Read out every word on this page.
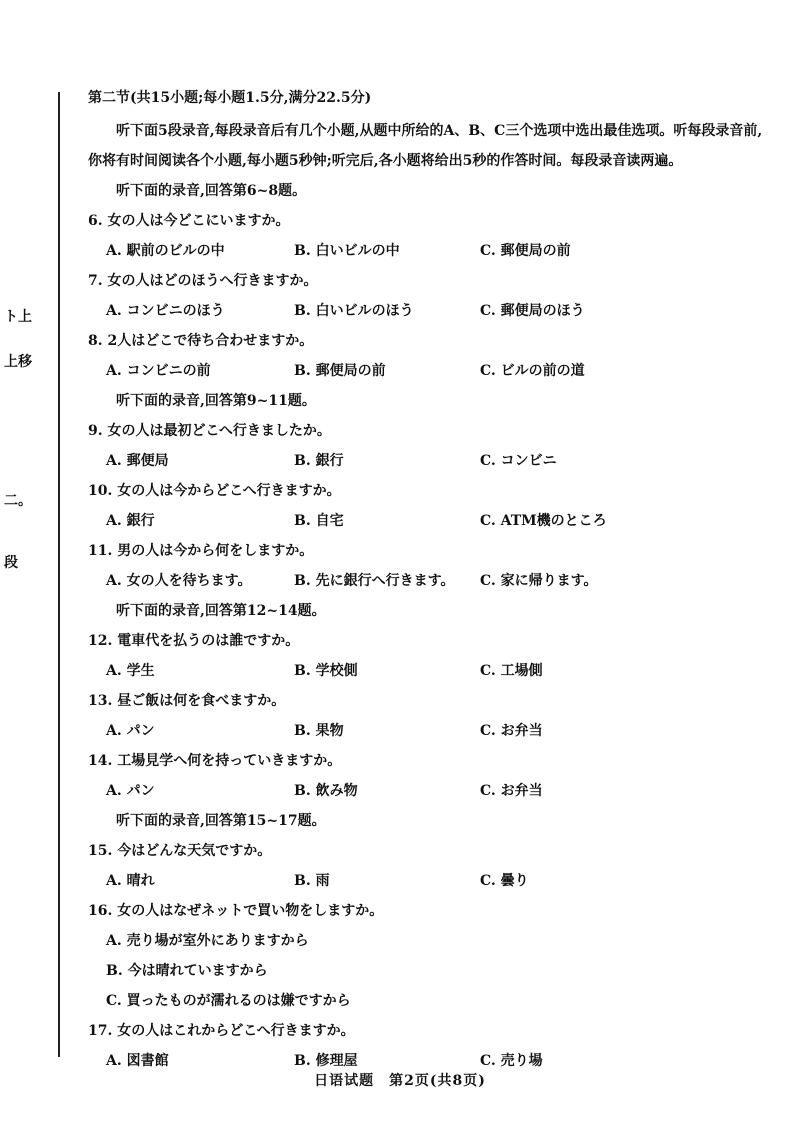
ト上
上移
二。
段
第二节(共15小题;每小题1.5分,满分22.5分)
听下面5段录音,每段录音后有几个小题,从题中所给的A、B、C三个选项中选出最佳选项。听每段录音前,你将有时间阅读各个小题,每小题5秒钟;听完后,各小题将给出5秒的作答时间。每段录音读两遍。
听下面的录音,回答第6~8题。
6. 女の人は今どこにいますか。
A. 駅前のビルの中	B. 白いビルの中	C. 郵便局の前
7. 女の人はどのほうへ行きますか。
A. コンビニのほう	B. 白いビルのほう	C. 郵便局のほう
8. 2人はどこで待ち合わせますか。
A. コンビニの前	B. 郵便局の前	C. ビルの前の道
听下面的录音,回答第9~11题。
9. 女の人は最初どこへ行きましたか。
A. 郵便局	B. 銀行	C. コンビニ
10. 女の人は今からどこへ行きますか。
A. 銀行	B. 自宅	C. ATM機のところ
11. 男の人は今から何をしますか。
A. 女の人を待ちます。	B. 先に銀行へ行きます。	C. 家に帰ります。
听下面的录音,回答第12~14题。
12. 電車代を払うのは誰ですか。
A. 学生	B. 学校側	C. 工場側
13. 昼ご飯は何を食べますか。
A. パン	B. 果物	C. お弁当
14. 工場見学へ何を持っていきますか。
A. パン	B. 飲み物	C. お弁当
听下面的录音,回答第15~17题。
15. 今はどんな天気ですか。
A. 晴れ	B. 雨	C. 曇り
16. 女の人はなぜネットで買い物をしますか。
A. 売り場が室外にありますから
B. 今は晴れていますから
C. 買ったものが濡れるのは嫌ですから
17. 女の人はこれからどこへ行きますか。
A. 図書館	B. 修理屋	C. 売り場
日语试题　第2页(共8页)
